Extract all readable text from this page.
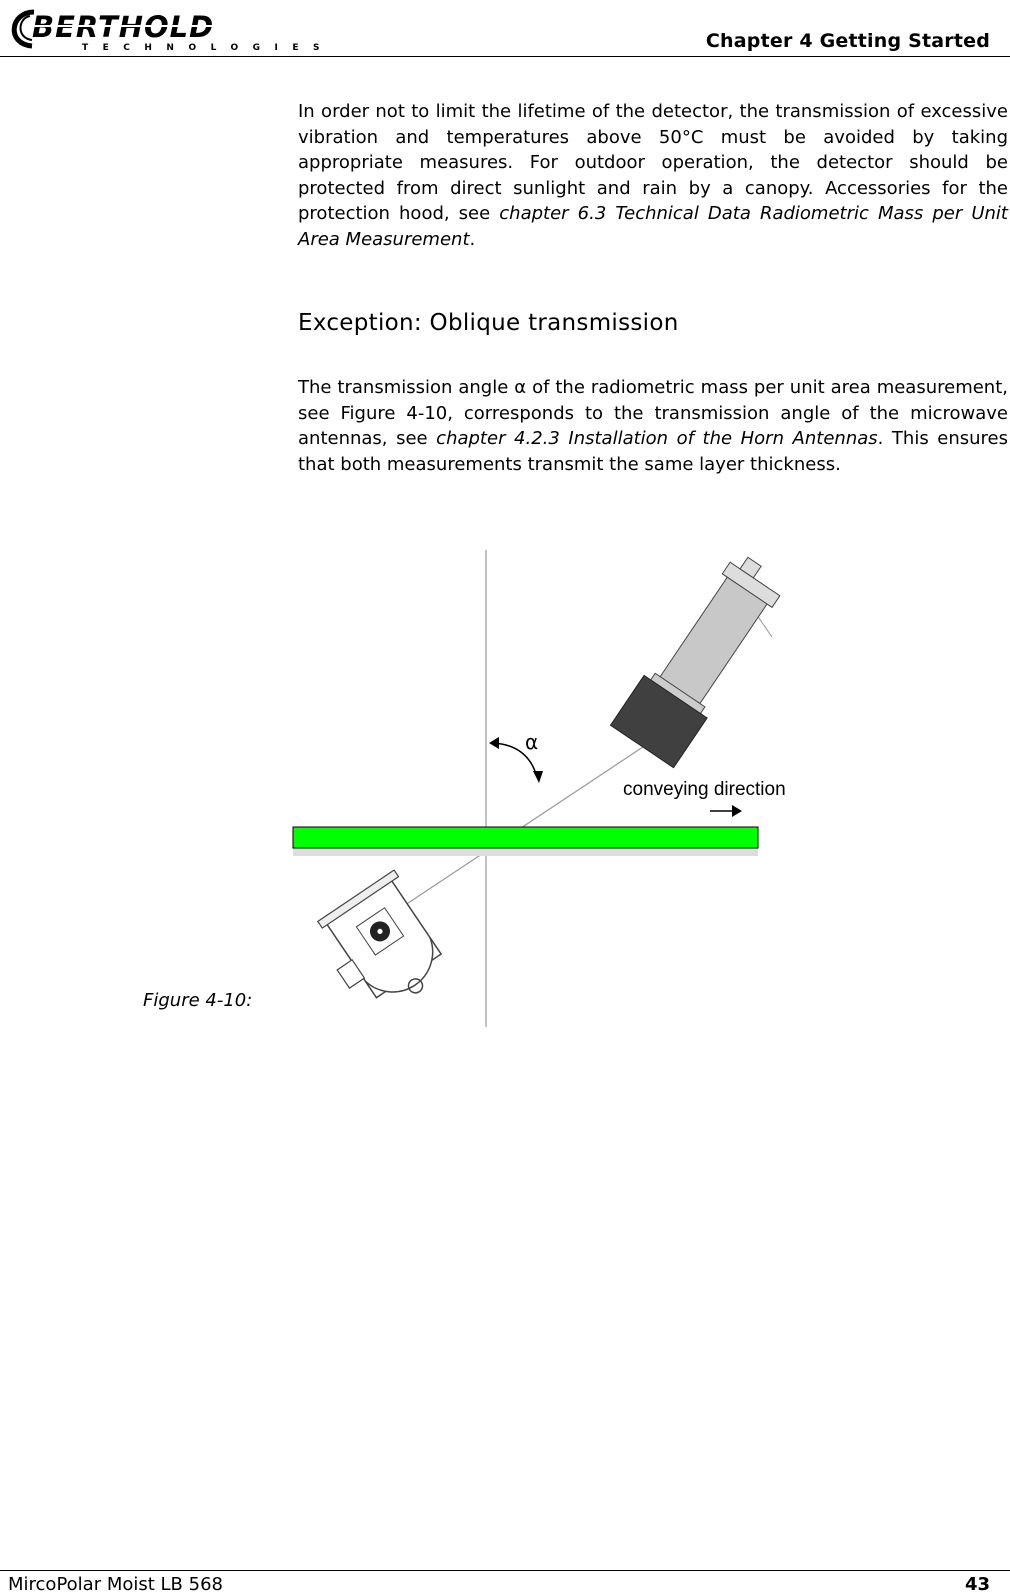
BERTHOLD
TECHNOLOGIES	Chapter 4 Getting Started
In order not to limit the lifetime of the detector, the transmission of excessive vibration and temperatures above 50°C must be avoided by taking appropriate measures. For outdoor operation, the detector should be protected from direct sunlight and rain by a canopy. Accessories for the protection hood, see chapter 6.3 Technical Data Radiometric Mass per Unit Area Measurement.
Exception: Oblique transmission
The transmission angle α of the radiometric mass per unit area measurement, see Figure 4-10, corresponds to the transmission angle of the microwave antennas, see chapter 4.2.3 Installation of the Horn Antennas. This ensures that both measurements transmit the same layer thickness.
α
conveying direction
Figure 4-10:
MircoPolar Moist LB 568	43
